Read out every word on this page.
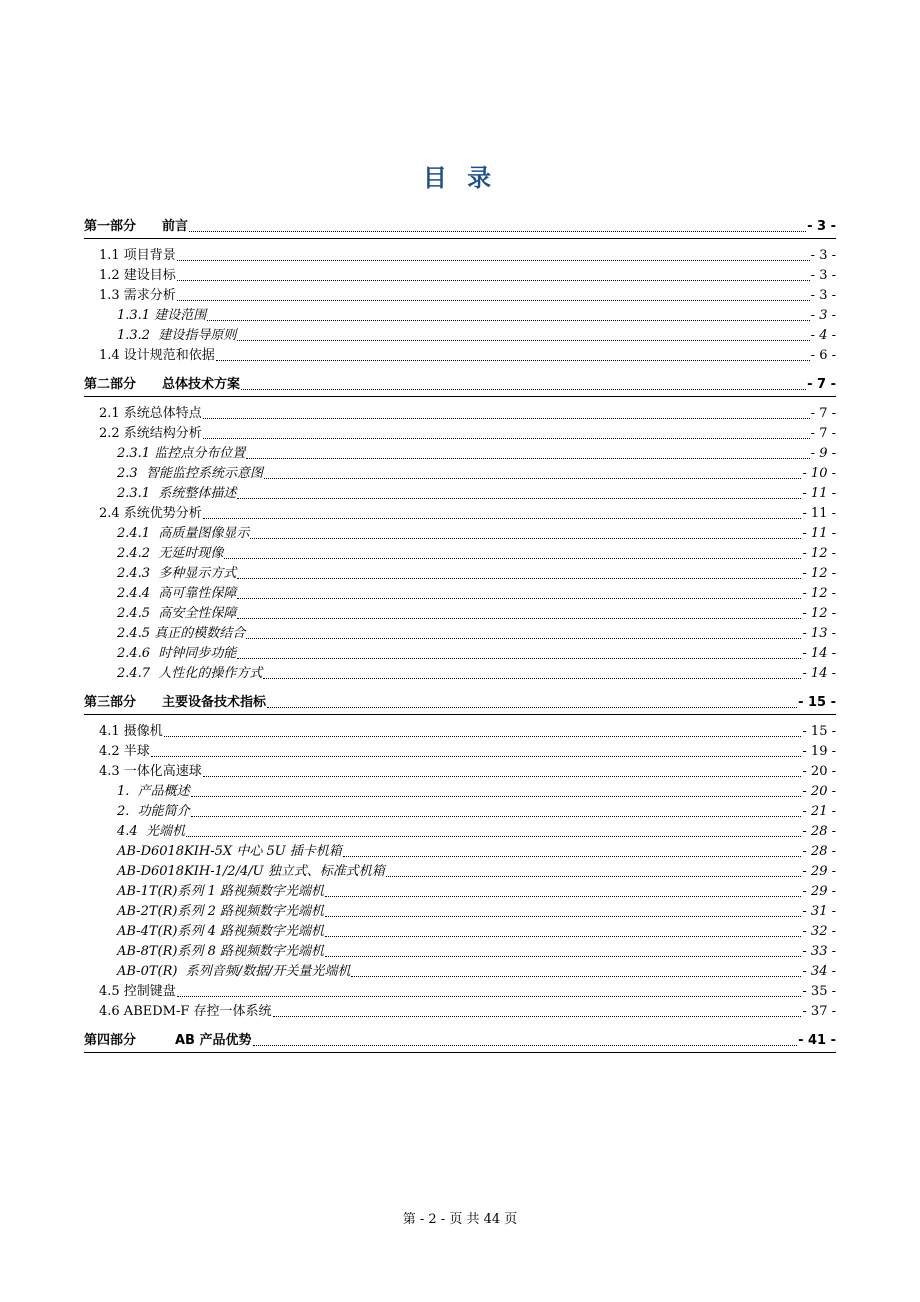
目 录
第一部分　　前言	- 3 -
1.1 项目背景	- 3 -
1.2 建设目标	- 3 -
1.3 需求分析	- 3 -
1.3.1 建设范围	- 3 -
1.3.2  建设指导原则	- 4 -
1.4 设计规范和依据	- 6 -
第二部分　　总体技术方案	- 7 -
2.1 系统总体特点	- 7 -
2.2 系统结构分析	- 7 -
2.3.1 监控点分布位置	- 9 -
2.3  智能监控系统示意图	- 10 -
2.3.1  系统整体描述	- 11 -
2.4 系统优势分析	- 11 -
2.4.1  高质量图像显示	- 11 -
2.4.2  无延时现像	- 12 -
2.4.3  多种显示方式	- 12 -
2.4.4  高可靠性保障	- 12 -
2.4.5  高安全性保障	- 12 -
2.4.5 真正的模数结合	- 13 -
2.4.6  时钟同步功能	- 14 -
2.4.7  人性化的操作方式	- 14 -
第三部分　　主要设备技术指标	- 15 -
4.1 摄像机	- 15 -
4.2 半球	- 19 -
4.3 一体化高速球	- 20 -
1.  产品概述	- 20 -
2.  功能简介	- 21 -
4.4  光端机	- 28 -
AB-D6018KIH-5X 中心 5U 插卡机箱	- 28 -
AB-D6018KIH-1/2/4/U 独立式、标准式机箱	- 29 -
AB-1T(R)系列 1 路视频数字光端机	- 29 -
AB-2T(R)系列 2 路视频数字光端机	- 31 -
AB-4T(R)系列 4 路视频数字光端机	- 32 -
AB-8T(R)系列 8 路视频数字光端机	- 33 -
AB-0T(R)  系列音频/数据/开关量光端机	- 34 -
4.5 控制键盘	- 35 -
4.6 ABEDM-F 存控一体系统	- 37 -
第四部分　　　AB 产品优势	- 41 -
第 - 2 - 页 共 44 页
